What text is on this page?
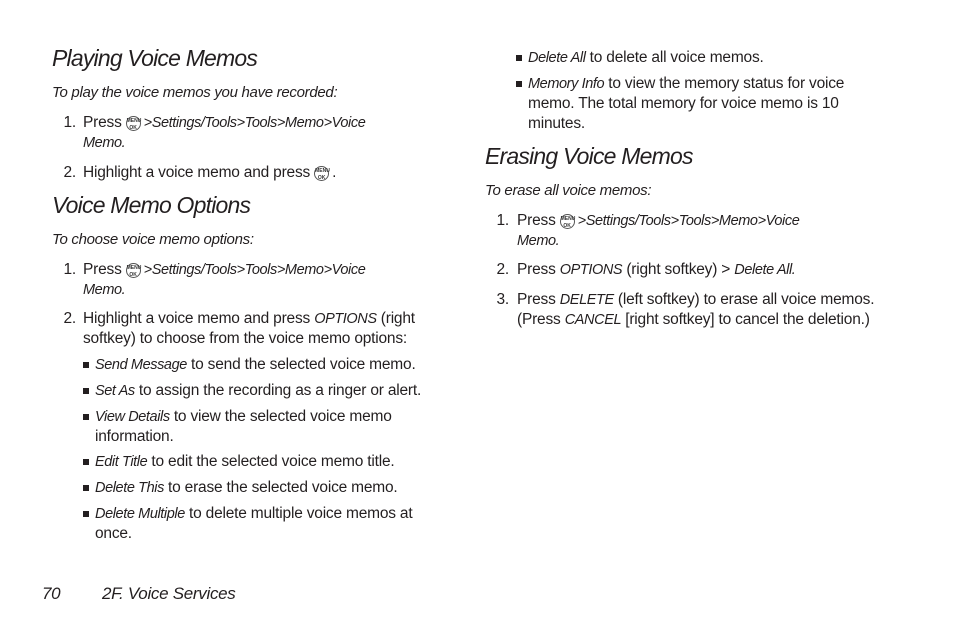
Playing Voice Memos
To play the voice memos you have recorded:
1. Press MENU
OK >Settings/Tools>Tools>Memo>Voice
Memo.
2. Highlight a voice memo and press MENU
OK .
Voice Memo Options
To choose voice memo options:
1. Press MENU
OK >Settings/Tools>Tools>Memo>Voice
Memo.
2. Highlight a voice memo and press OPTIONS (right
softkey) to choose from the voice memo options:
Send Message to send the selected voice memo.
Set As to assign the recording as a ringer or alert.
View Details to view the selected voice memo
information.
Edit Title to edit the selected voice memo title.
Delete This to erase the selected voice memo.
Delete Multiple to delete multiple voice memos at
once.
Delete All to delete all voice memos.
Memory Info to view the memory status for voice
memo. The total memory for voice memo is 10
minutes.
Erasing Voice Memos
To erase all voice memos:
1. Press MENU
OK >Settings/Tools>Tools>Memo>Voice
Memo.
2. Press OPTIONS (right softkey) > Delete All.
3. Press DELETE (left softkey) to erase all voice memos.
(Press CANCEL [right softkey] to cancel the deletion.)
70 2F. Voice Services
